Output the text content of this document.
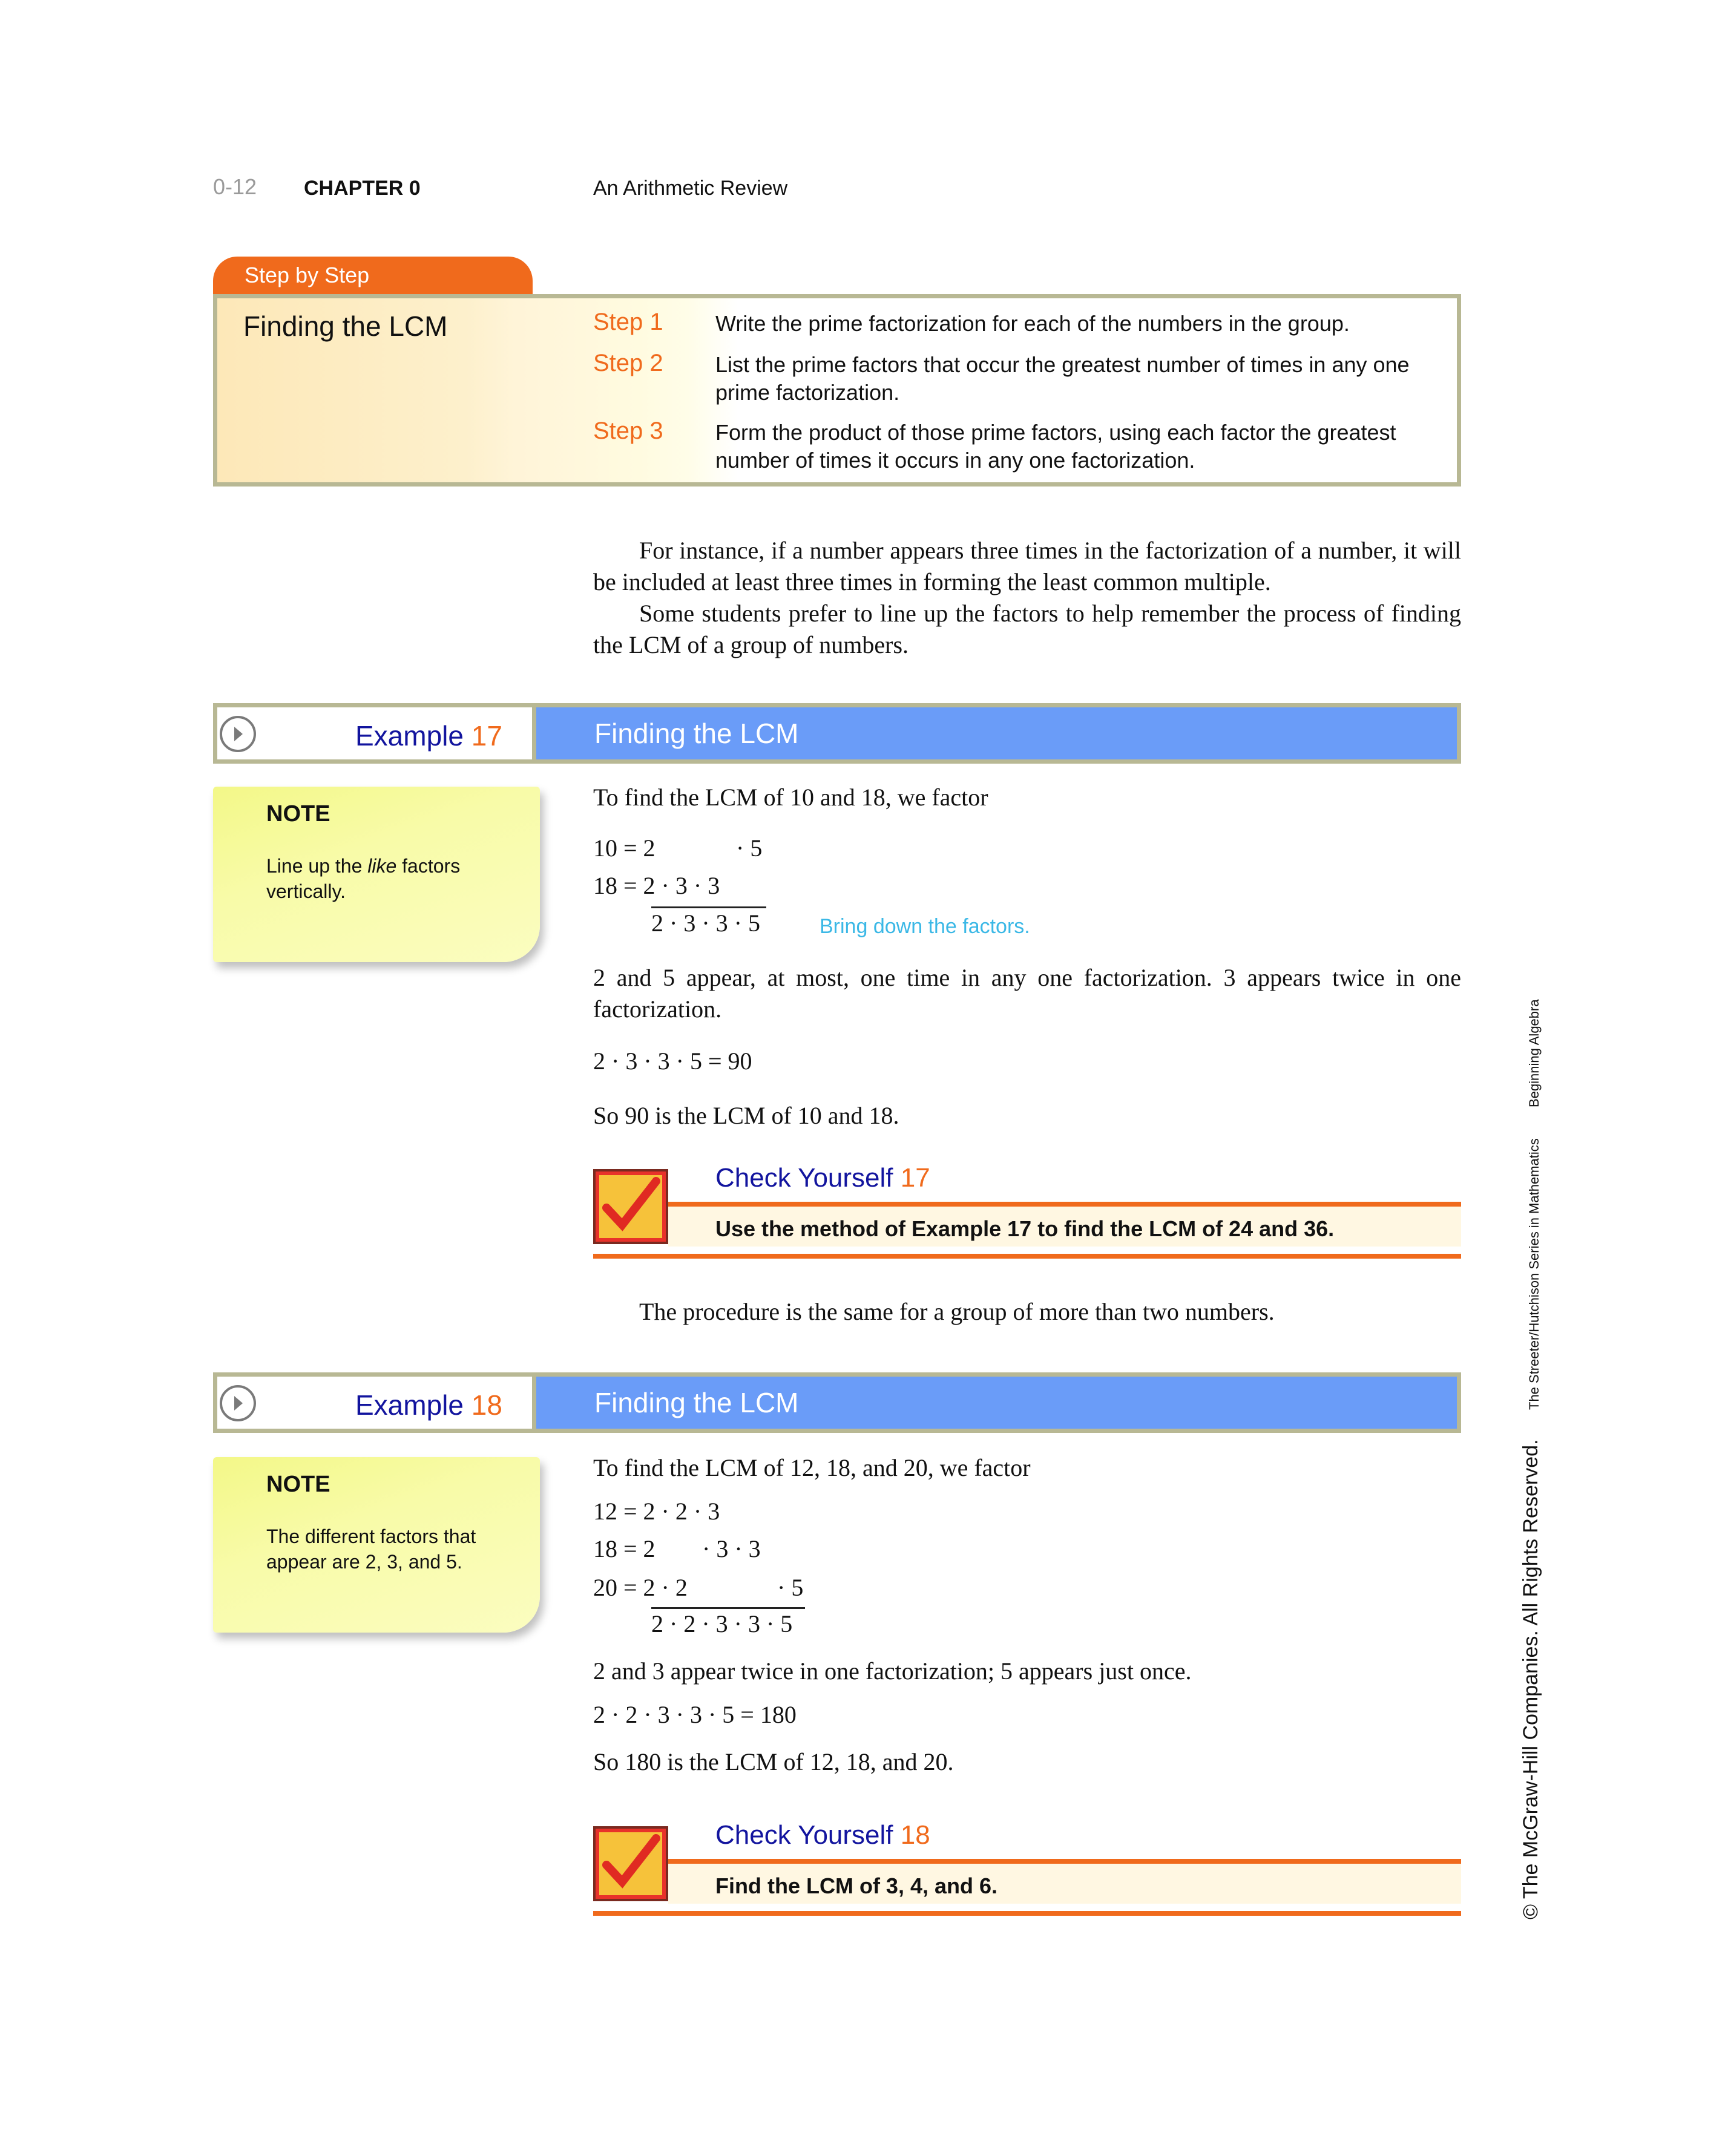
0-12 CHAPTER 0	An Arithmetic Review
Step by Step
Finding the LCM	Step 1 Write the prime factorization for each of the numbers in the group.
Step 2 List the prime factors that occur the greatest number of times in any one prime factorization.
Step 3 Form the product of those prime factors, using each factor the greatest number of times it occurs in any one factorization.
For instance, if a number appears three times in the factorization of a number, it will be included at least three times in forming the least common multiple.
Some students prefer to line up the factors to help remember the process of finding the LCM of a group of numbers.
Example 17	Finding the LCM
NOTE
Line up the like factors vertically.
To find the LCM of 10 and 18, we factor
10 = 2	· 5
18 = 2 · 3 · 3
2 · 3 · 3 · 5	Bring down the factors.
2 and 5 appear, at most, one time in any one factorization. 3 appears twice in one factorization.
2 · 3 · 3 · 5 = 90
So 90 is the LCM of 10 and 18.
Check Yourself 17
Use the method of Example 17 to find the LCM of 24 and 36.
The procedure is the same for a group of more than two numbers.
Example 18	Finding the LCM
NOTE
The different factors that appear are 2, 3, and 5.
To find the LCM of 12, 18, and 20, we factor
12 = 2 · 2 · 3
18 = 2 · 3 · 3
20 = 2 · 2	· 5
2 · 2 · 3 · 3 · 5
2 and 3 appear twice in one factorization; 5 appears just once.
2 · 2 · 3 · 3 · 5 = 180
So 180 is the LCM of 12, 18, and 20.
Check Yourself 18
Find the LCM of 3, 4, and 6.
Beginning Algebra
The Streeter/Hutchison Series in Mathematics
© The McGraw-Hill Companies. All Rights Reserved.
